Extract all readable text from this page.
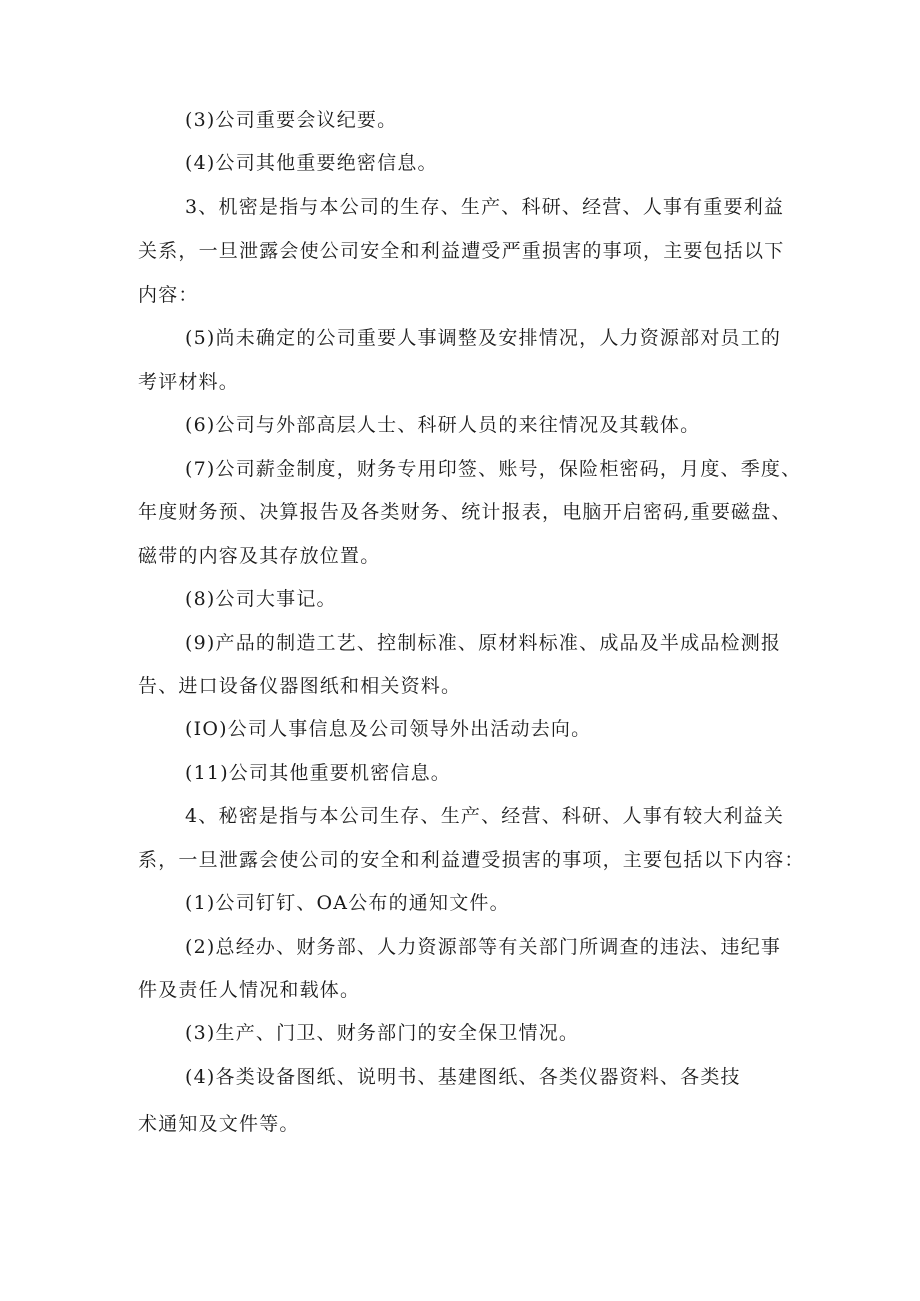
(3)公司重要会议纪要。
(4)公司其他重要绝密信息。
3、机密是指与本公司的生存、生产、科研、经营、人事有重要利益
关系，一旦泄露会使公司安全和利益遭受严重损害的事项，主要包括以下
内容：
(5)尚未确定的公司重要人事调整及安排情况，人力资源部对员工的
考评材料。
(6)公司与外部高层人士、科研人员的来往情况及其载体。
(7)公司薪金制度，财务专用印签、账号，保险柜密码，月度、季度、
年度财务预、决算报告及各类财务、统计报表，电脑开启密码,重要磁盘、
磁带的内容及其存放位置。
(8)公司大事记。
(9)产品的制造工艺、控制标准、原材料标准、成品及半成品检测报
告、进口设备仪器图纸和相关资料。
(IO)公司人事信息及公司领导外出活动去向。
(11)公司其他重要机密信息。
4、秘密是指与本公司生存、生产、经营、科研、人事有较大利益关
系，一旦泄露会使公司的安全和利益遭受损害的事项，主要包括以下内容：
(1)公司钉钉、OA公布的通知文件。
(2)总经办、财务部、人力资源部等有关部门所调查的违法、违纪事
件及责任人情况和载体。
(3)生产、门卫、财务部门的安全保卫情况。
(4)各类设备图纸、说明书、基建图纸、各类仪器资料、各类技
术通知及文件等。
